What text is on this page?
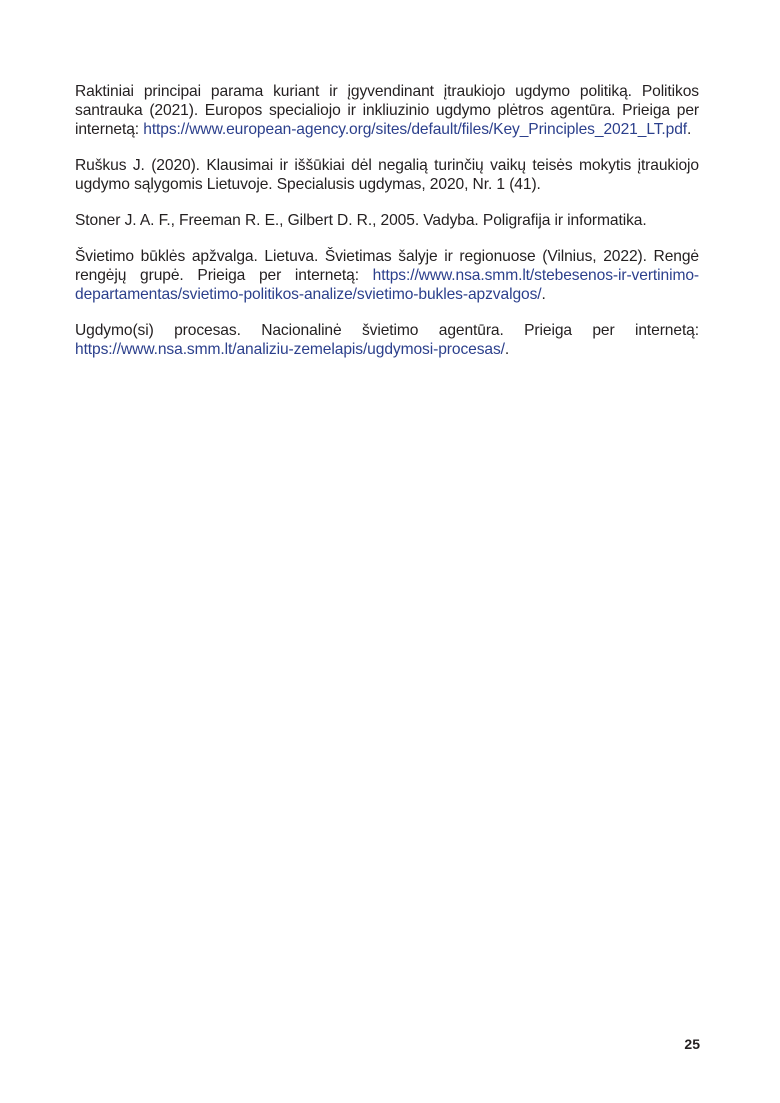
Raktiniai principai parama kuriant ir įgyvendinant įtraukiojo ugdymo politiką. Politikos santrauka (2021). Europos specialiojo ir inkliuzinio ugdymo plėtros agentūra. Prieiga per internetą: https://www.european-agency.org/sites/default/files/Key_Principles_2021_LT.pdf.

Ruškus J. (2020). Klausimai ir iššūkiai dėl negalią turinčių vaikų teisės mokytis įtraukiojo ugdymo sąlygomis Lietuvoje. Specialusis ugdymas, 2020, Nr. 1 (41).

Stoner J. A. F., Freeman R. E., Gilbert D. R., 2005. Vadyba. Poligrafija ir informatika.

Švietimo būklės apžvalga. Lietuva. Švietimas šalyje ir regionuose (Vilnius, 2022). Rengė rengėjų grupė. Prieiga per internetą: https://www.nsa.smm.lt/stebesenos-ir-vertinimo-departamentas/svietimo-politikos-analize/svietimo-bukles-apzvalgos/.

Ugdymo(si) procesas. Nacionalinė švietimo agentūra. Prieiga per internetą: https://www.nsa.smm.lt/analiziu-zemelapis/ugdymosi-procesas/.

25
